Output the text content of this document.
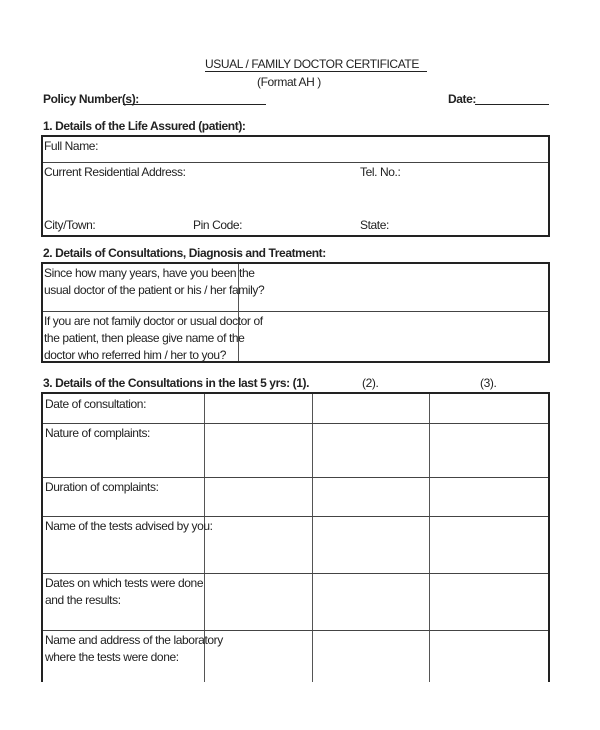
USUAL / FAMILY DOCTOR CERTIFICATE
(Format AH )
Policy Number(s):	Date:
1. Details of the Life Assured (patient):
Full Name:
Current Residential Address:	Tel. No.:
City/Town:	Pin Code:	State:
2. Details of Consultations, Diagnosis and Treatment:
Since how many years, have you been the
usual doctor of the patient or his / her family?
If you are not family doctor or usual doctor of
the patient, then please give name of the
doctor who referred him / her to you?
3. Details of the Consultations in the last 5 yrs: (1).	(2).	(3).
Date of consultation:
Nature of complaints:
Duration of complaints:
Name of the tests advised by you:
Dates on which tests were done
and the results:
Name and address of the laboratory
where the tests were done:
